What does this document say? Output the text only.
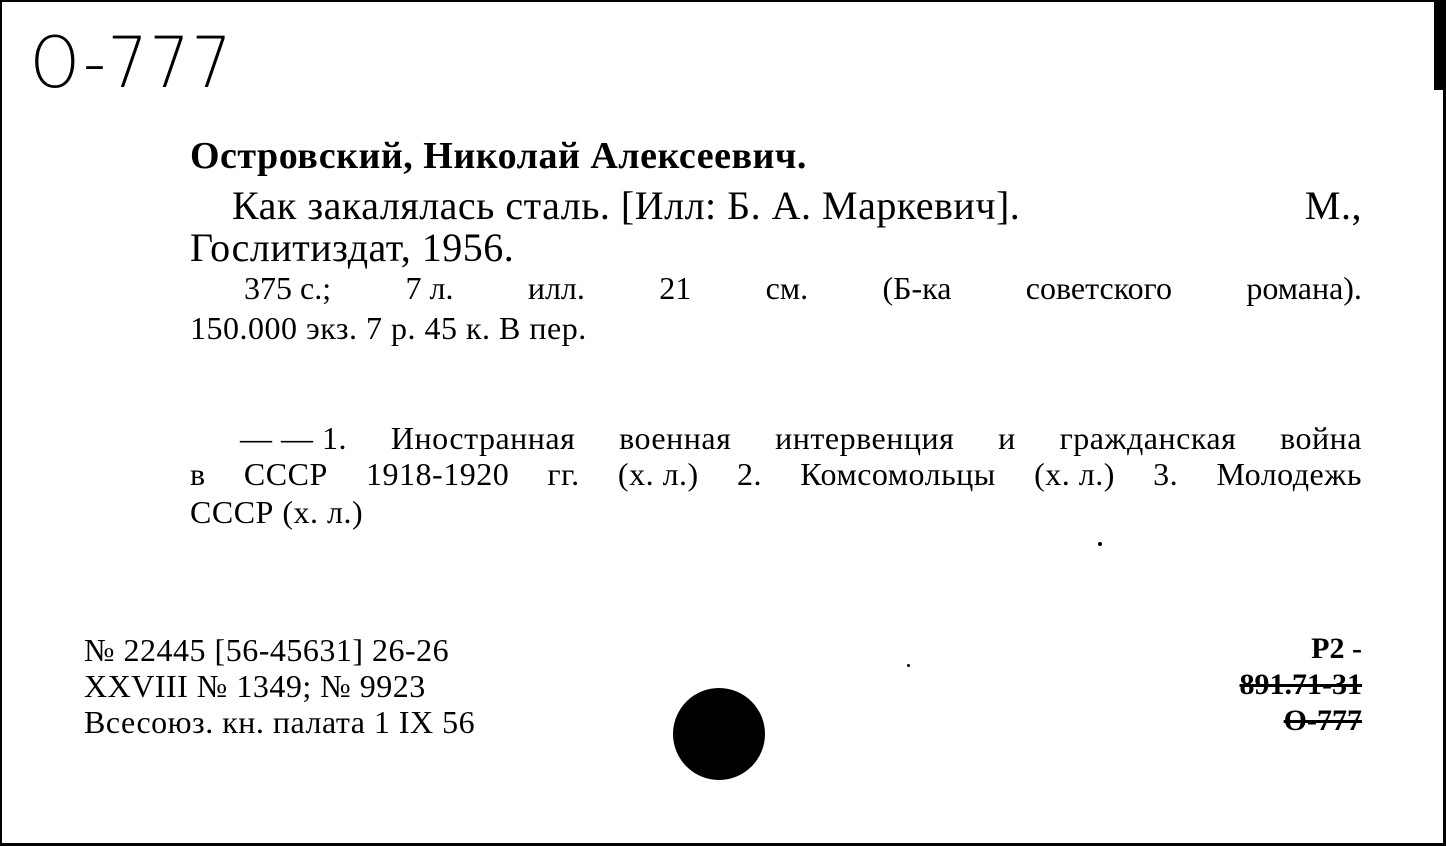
O-777
Островский, Николай Алексеевич.
Как закалялась сталь. [Илл: Б. А. Маркевич].	М.,
Гослитиздат, 1956.
375 с.; 7 л. илл. 21 см. (Б-ка советского романа).
150.000 экз. 7 р. 45 к. В пер.
— — 1. Иностранная военная интервенция и гражданская война
в СССР 1918-1920 гг. (х. л.) 2. Комсомольцы (х. л.) 3. Молодежь
СССР (х. л.)
№ 22445 [56-45631] 26-26
XXVIII № 1349; № 9923
Всесоюз. кн. палата 1 IX 56
Р2 -
891.71-31
О-777
